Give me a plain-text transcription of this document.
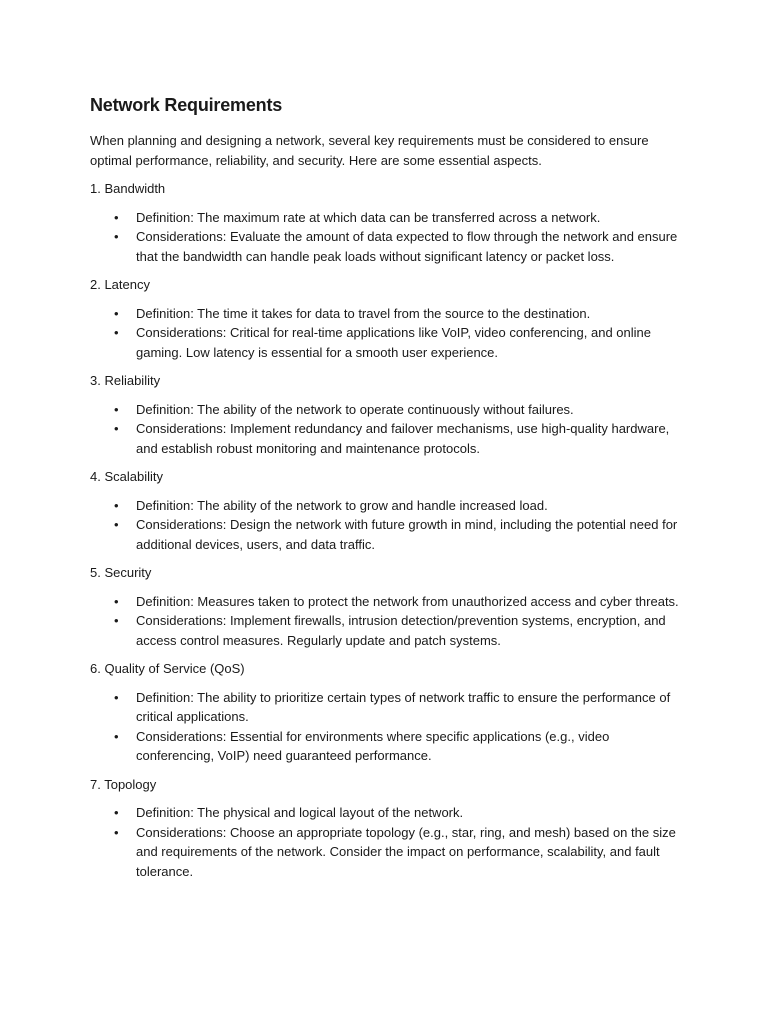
Network Requirements

When planning and designing a network, several key requirements must be considered to ensure optimal performance, reliability, and security. Here are some essential aspects.

1. Bandwidth

• Definition: The maximum rate at which data can be transferred across a network.
• Considerations: Evaluate the amount of data expected to flow through the network and ensure that the bandwidth can handle peak loads without significant latency or packet loss.

2. Latency

• Definition: The time it takes for data to travel from the source to the destination.
• Considerations: Critical for real-time applications like VoIP, video conferencing, and online gaming. Low latency is essential for a smooth user experience.

3. Reliability

• Definition: The ability of the network to operate continuously without failures.
• Considerations: Implement redundancy and failover mechanisms, use high-quality hardware, and establish robust monitoring and maintenance protocols.

4. Scalability

• Definition: The ability of the network to grow and handle increased load.
• Considerations: Design the network with future growth in mind, including the potential need for additional devices, users, and data traffic.

5. Security

• Definition: Measures taken to protect the network from unauthorized access and cyber threats.
• Considerations: Implement firewalls, intrusion detection/prevention systems, encryption, and access control measures. Regularly update and patch systems.

6. Quality of Service (QoS)

• Definition: The ability to prioritize certain types of network traffic to ensure the performance of critical applications.
• Considerations: Essential for environments where specific applications (e.g., video conferencing, VoIP) need guaranteed performance.

7. Topology

• Definition: The physical and logical layout of the network.
• Considerations: Choose an appropriate topology (e.g., star, ring, and mesh) based on the size and requirements of the network. Consider the impact on performance, scalability, and fault tolerance.
